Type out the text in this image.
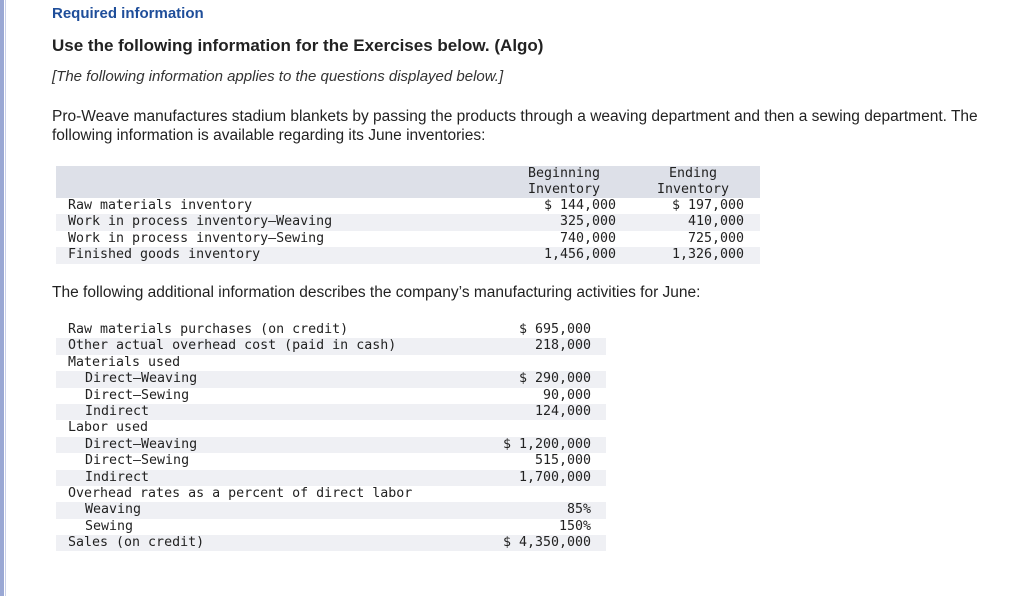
Required information
Use the following information for the Exercises below. (Algo)
[The following information applies to the questions displayed below.]
Pro-Weave manufactures stadium blankets by passing the products through a weaving department and then a sewing department. The following information is available regarding its June inventories:
Beginning
Inventory
Ending
Inventory
Raw materials inventory	$ 144,000	$ 197,000
Work in process inventory—Weaving	325,000	410,000
Work in process inventory—Sewing	740,000	725,000
Finished goods inventory	1,456,000	1,326,000
The following additional information describes the company’s manufacturing activities for June:
Raw materials purchases (on credit)	$ 695,000
Other actual overhead cost (paid in cash)	218,000
Materials used
Direct—Weaving	$ 290,000
Direct—Sewing	90,000
Indirect	124,000
Labor used
Direct—Weaving	$ 1,200,000
Direct—Sewing	515,000
Indirect	1,700,000
Overhead rates as a percent of direct labor
Weaving	85%
Sewing	150%
Sales (on credit)	$ 4,350,000
